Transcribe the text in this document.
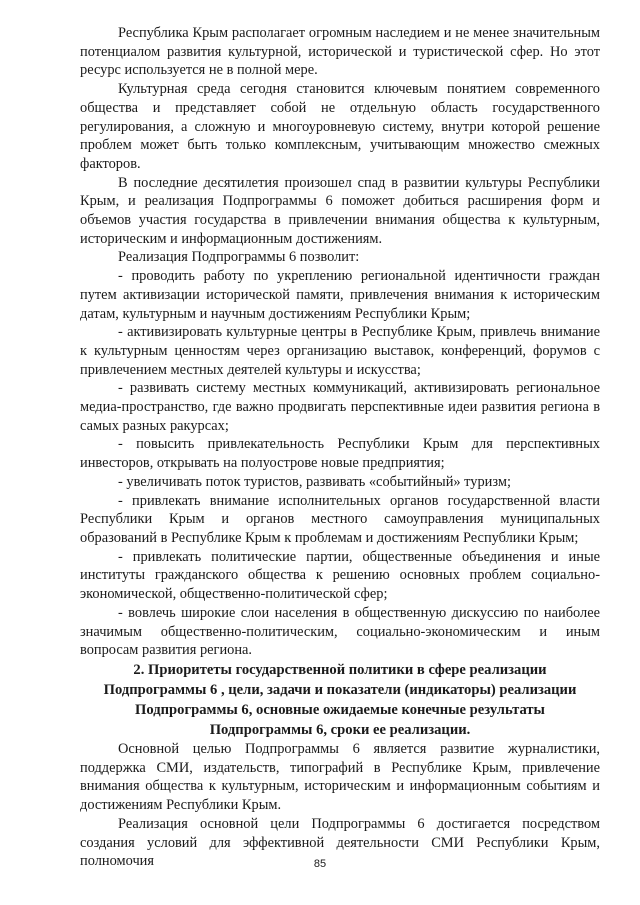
Республика Крым располагает огромным наследием и не менее значительным потенциалом развития культурной, исторической и туристической сфер. Но этот ресурс используется не в полной мере.

Культурная среда сегодня становится ключевым понятием современного общества и представляет собой не отдельную область государственного регулирования, а сложную и многоуровневую систему, внутри которой решение проблем может быть только комплексным, учитывающим множество смежных факторов.

В последние десятилетия произошел спад в развитии культуры Республики Крым, и реализация Подпрограммы 6 поможет добиться расширения форм и объемов участия государства в привлечении внимания общества к культурным, историческим и информационным достижениям.

Реализация Подпрограммы 6 позволит:

- проводить работу по укреплению региональной идентичности граждан путем активизации исторической памяти, привлечения внимания к историческим датам, культурным и научным достижениям Республики Крым;

- активизировать культурные центры в Республике Крым, привлечь внимание к культурным ценностям через организацию выставок, конференций, форумов с привлечением местных деятелей культуры и искусства;

- развивать систему местных коммуникаций, активизировать региональное медиа-пространство, где важно продвигать перспективные идеи развития региона в самых разных ракурсах;

- повысить привлекательность Республики Крым для перспективных инвесторов, открывать на полуострове новые предприятия;

- увеличивать поток туристов, развивать «событийный» туризм;

- привлекать внимание исполнительных органов государственной власти Республики Крым и органов местного самоуправления муниципальных образований в Республике Крым к проблемам и достижениям Республики Крым;

- привлекать политические партии, общественные объединения и иные институты гражданского общества к решению основных проблем социально-экономической, общественно-политической сфер;

- вовлечь широкие слои населения в общественную дискуссию по наиболее значимым общественно-политическим, социально-экономическим и иным вопросам развития региона.

2. Приоритеты государственной политики в сфере реализации
Подпрограммы 6 , цели, задачи и показатели (индикаторы) реализации
Подпрограммы 6, основные ожидаемые конечные результаты
Подпрограммы 6, сроки ее реализации.

Основной целью Подпрограммы 6 является развитие журналистики, поддержка СМИ, издательств, типографий в Республике Крым, привлечение внимания общества к культурным, историческим и информационным событиям и достижениям Республики Крым.

Реализация основной цели Подпрограммы 6 достигается посредством создания условий для эффективной деятельности СМИ Республики Крым, полномочия	85
